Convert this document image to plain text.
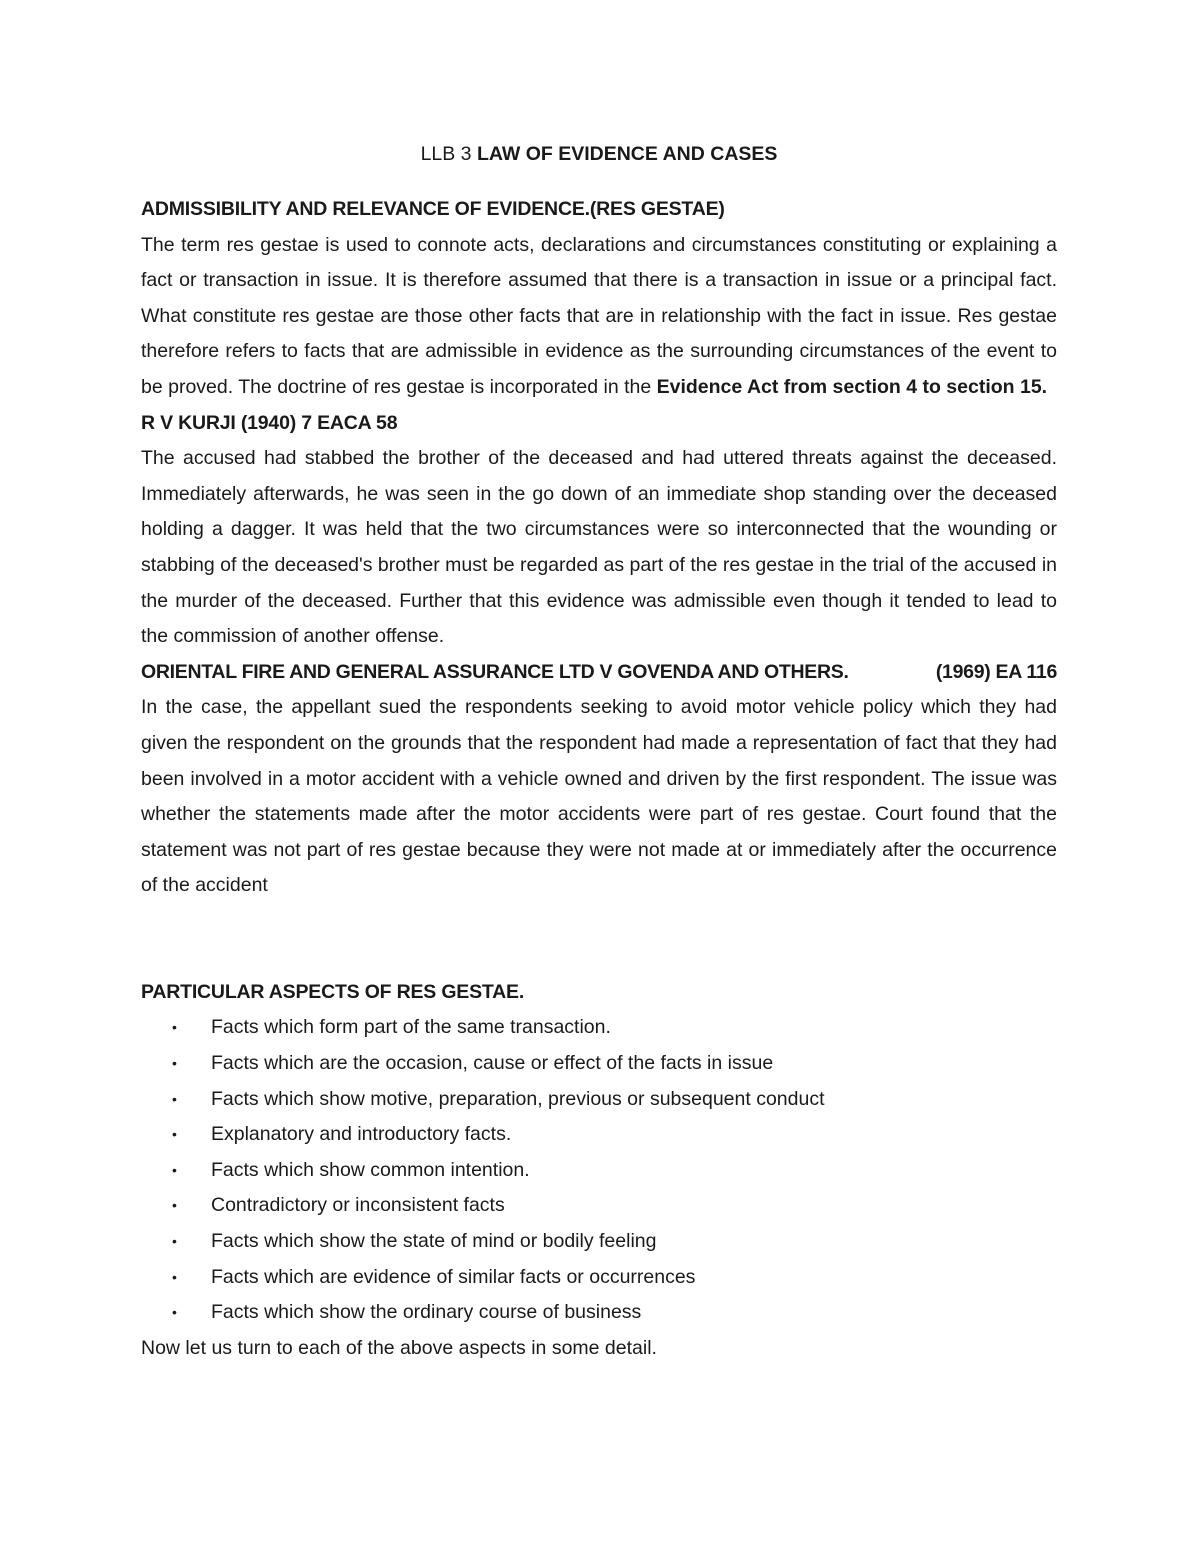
LLB 3 LAW OF EVIDENCE AND CASES

ADMISSIBILITY AND RELEVANCE OF EVIDENCE.(RES GESTAE)

The term res gestae is used to connote acts, declarations and circumstances constituting or explaining a fact or transaction in issue. It is therefore assumed that there is a transaction in issue or a principal fact. What constitute res gestae are those other facts that are in relationship with the fact in issue. Res gestae therefore refers to facts that are admissible in evidence as the surrounding circumstances of the event to be proved. The doctrine of res gestae is incorporated in the Evidence Act from section 4 to section 15.

R V KURJI (1940) 7 EACA 58

The accused had stabbed the brother of the deceased and had uttered threats against the deceased. Immediately afterwards, he was seen in the go down of an immediate shop standing over the deceased holding a dagger. It was held that the two circumstances were so interconnected that the wounding or stabbing of the deceased's brother must be regarded as part of the res gestae in the trial of the accused in the murder of the deceased. Further that this evidence was admissible even though it tended to lead to the commission of another offense.

ORIENTAL FIRE AND GENERAL ASSURANCE LTD V GOVENDA AND OTHERS.	(1969) EA 116

In the case, the appellant sued the respondents seeking to avoid motor vehicle policy which they had given the respondent on the grounds that the respondent had made a representation of fact that they had been involved in a motor accident with a vehicle owned and driven by the first respondent. The issue was whether the statements made after the motor accidents were part of res gestae. Court found that the statement was not part of res gestae because they were not made at or immediately after the occurrence of the accident

PARTICULAR ASPECTS OF RES GESTAE.

• Facts which form part of the same transaction.
• Facts which are the occasion, cause or effect of the facts in issue
• Facts which show motive, preparation, previous or subsequent conduct
• Explanatory and introductory facts.
• Facts which show common intention.
• Contradictory or inconsistent facts
• Facts which show the state of mind or bodily feeling
• Facts which are evidence of similar facts or occurrences
• Facts which show the ordinary course of business

Now let us turn to each of the above aspects in some detail.
